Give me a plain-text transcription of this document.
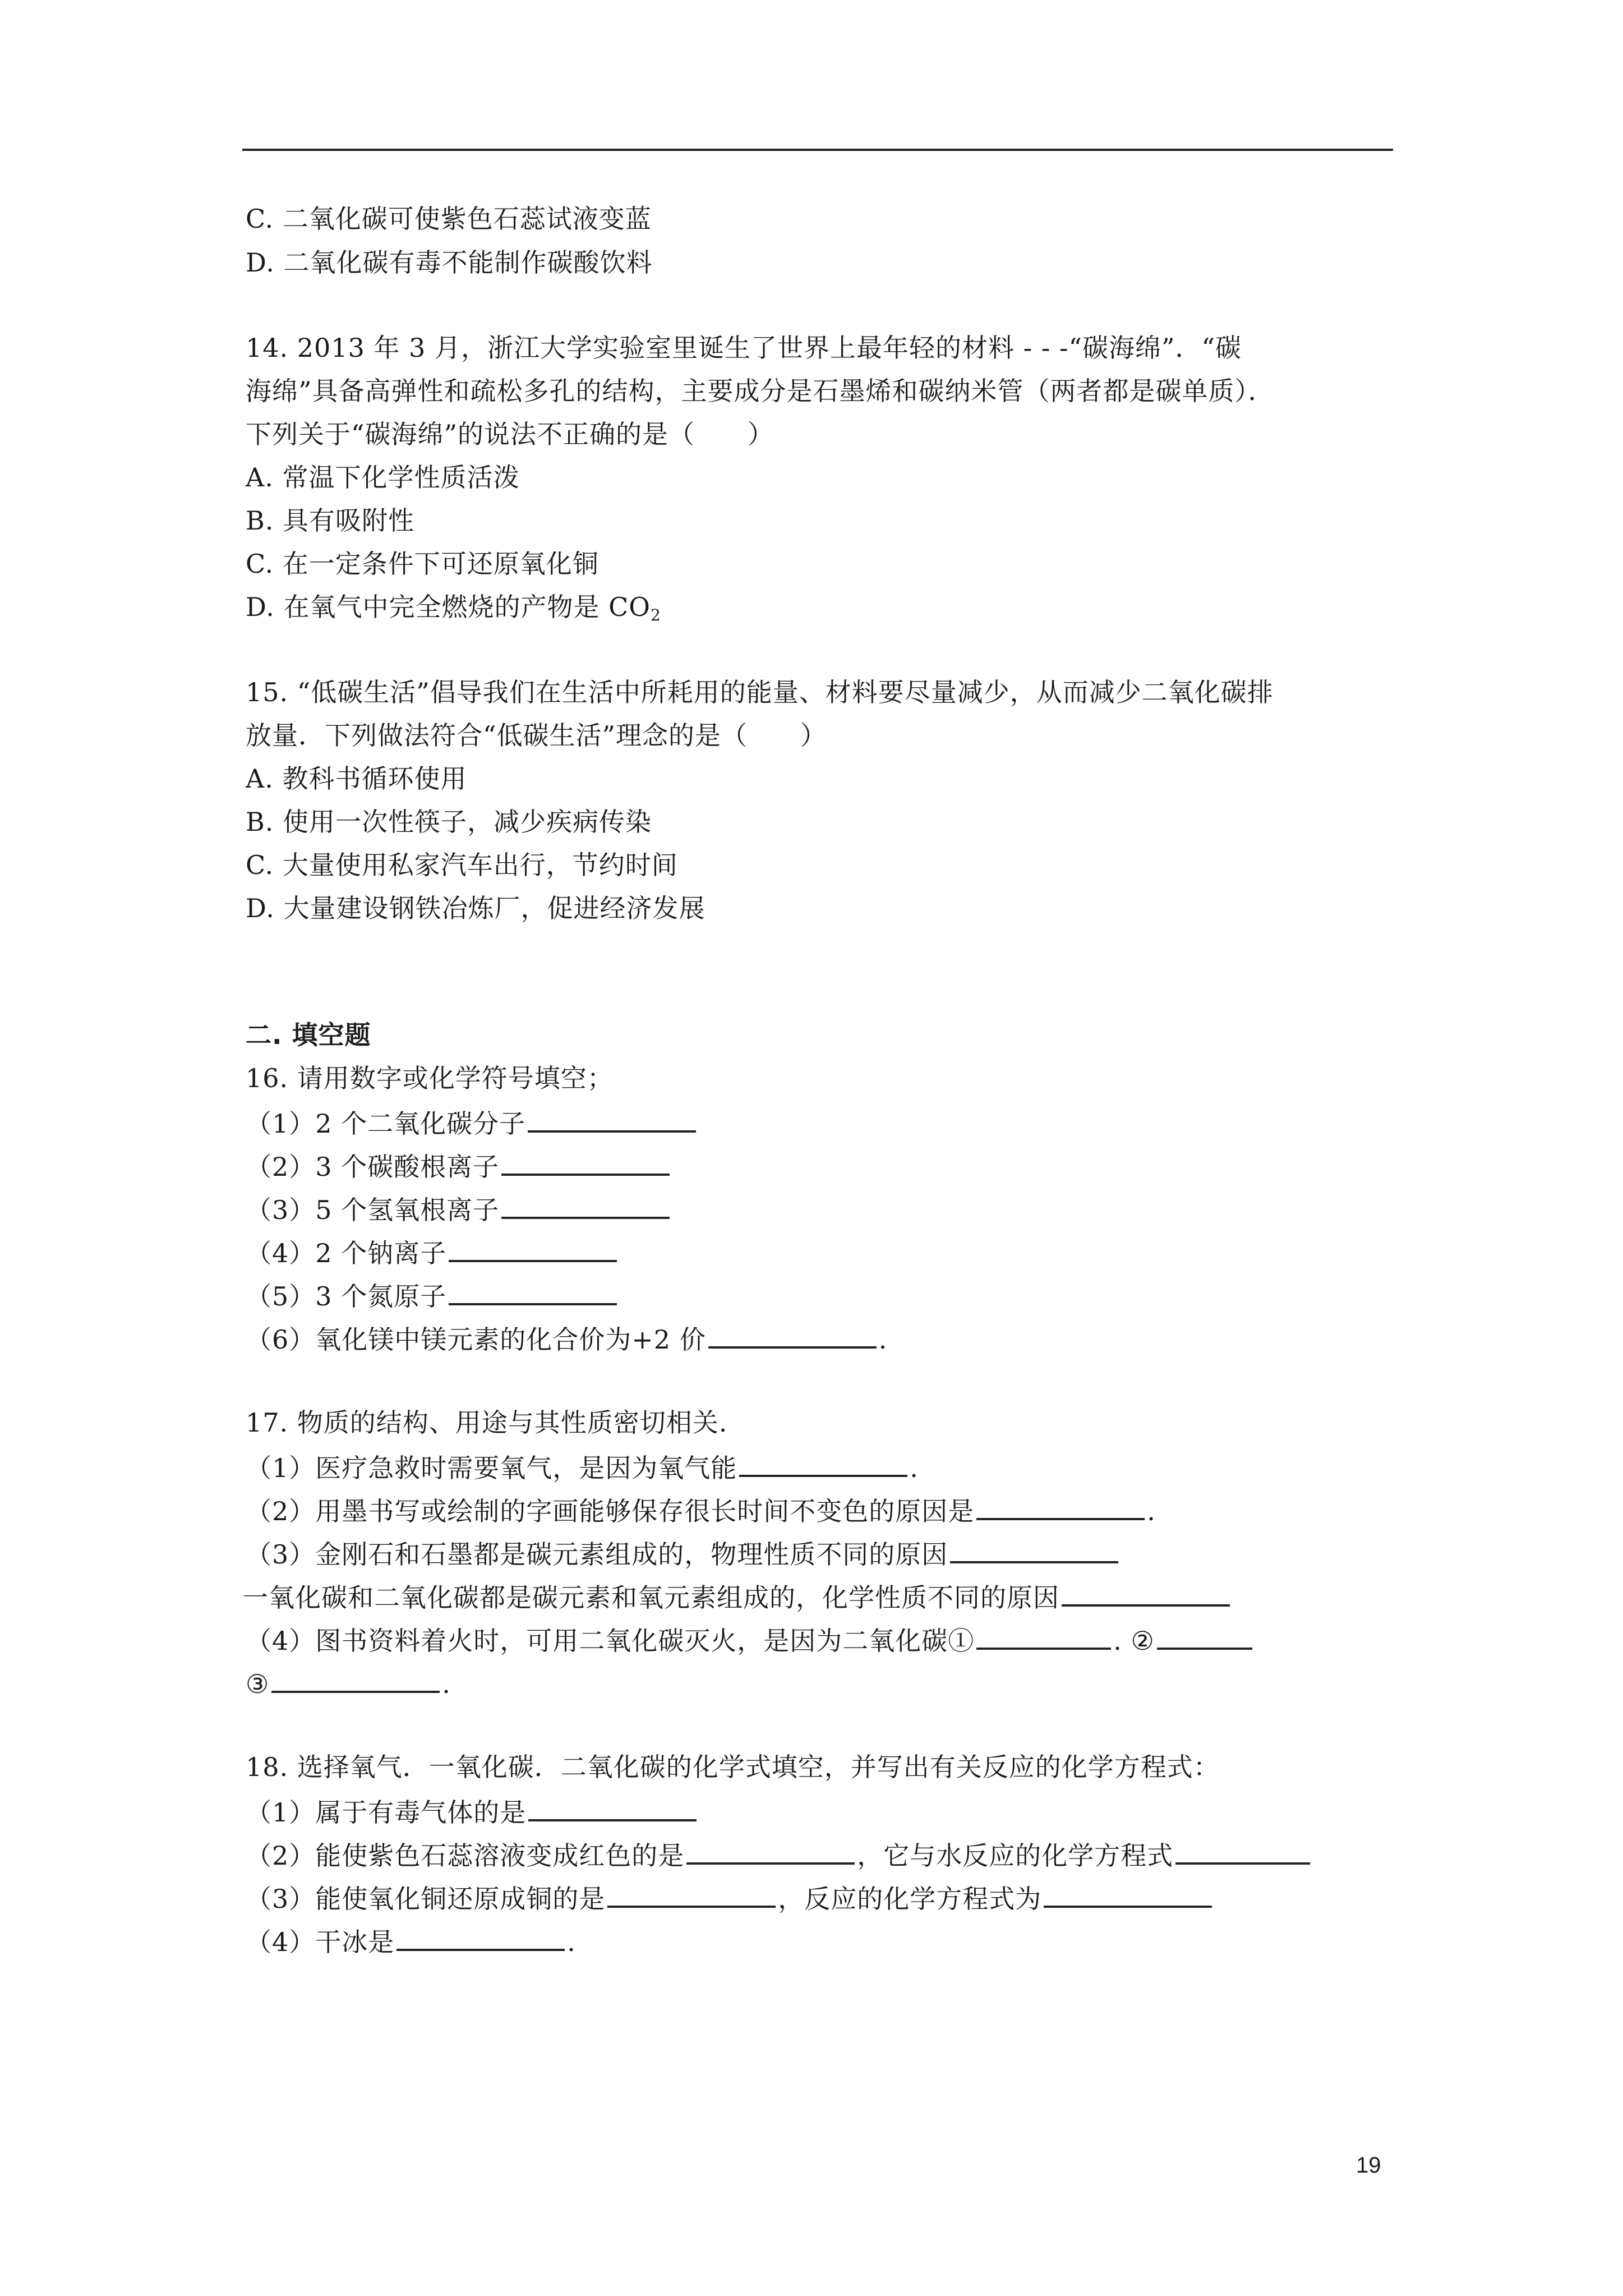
C. 二氧化碳可使紫色石蕊试液变蓝
D. 二氧化碳有毒不能制作碳酸饮料
14. 2013 年 3 月，浙江大学实验室里诞生了世界上最年轻的材料 - - -“碳海绵”．“碳
海绵”具备高弹性和疏松多孔的结构，主要成分是石墨烯和碳纳米管（两者都是碳单质）．
下列关于“碳海绵”的说法不正确的是（　　）
A. 常温下化学性质活泼
B. 具有吸附性
C. 在一定条件下可还原氧化铜
D. 在氧气中完全燃烧的产物是 $CO_2$
15. “低碳生活”倡导我们在生活中所耗用的能量、材料要尽量减少，从而减少二氧化碳排
放量．下列做法符合“低碳生活”理念的是（　　）
A. 教科书循环使用
B. 使用一次性筷子，减少疾病传染
C. 大量使用私家汽车出行，节约时间
D. 大量建设钢铁冶炼厂，促进经济发展
二. 填空题
16. 请用数字或化学符号填空；
（1）2 个二氧化碳分子
（2）3 个碳酸根离子
（3）5 个氢氧根离子
（4）2 个钠离子
（5）3 个氮原子
（6）氧化镁中镁元素的化合价为+2 价	.
17. 物质的结构、用途与其性质密切相关.
（1）医疗急救时需要氧气，是因为氧气能	.
（2）用墨书写或绘制的字画能够保存很长时间不变色的原因是	.
（3）金刚石和石墨都是碳元素组成的，物理性质不同的原因
一氧化碳和二氧化碳都是碳元素和氧元素组成的，化学性质不同的原因
（4）图书资料着火时，可用二氧化碳灭火，是因为二氧化碳①	. ②
③	.
18. 选择氧气．一氧化碳．二氧化碳的化学式填空，并写出有关反应的化学方程式：
（1）属于有毒气体的是
（2）能使紫色石蕊溶液变成红色的是	，它与水反应的化学方程式
（3）能使氧化铜还原成铜的是	，反应的化学方程式为
（4）干冰是	.
19
